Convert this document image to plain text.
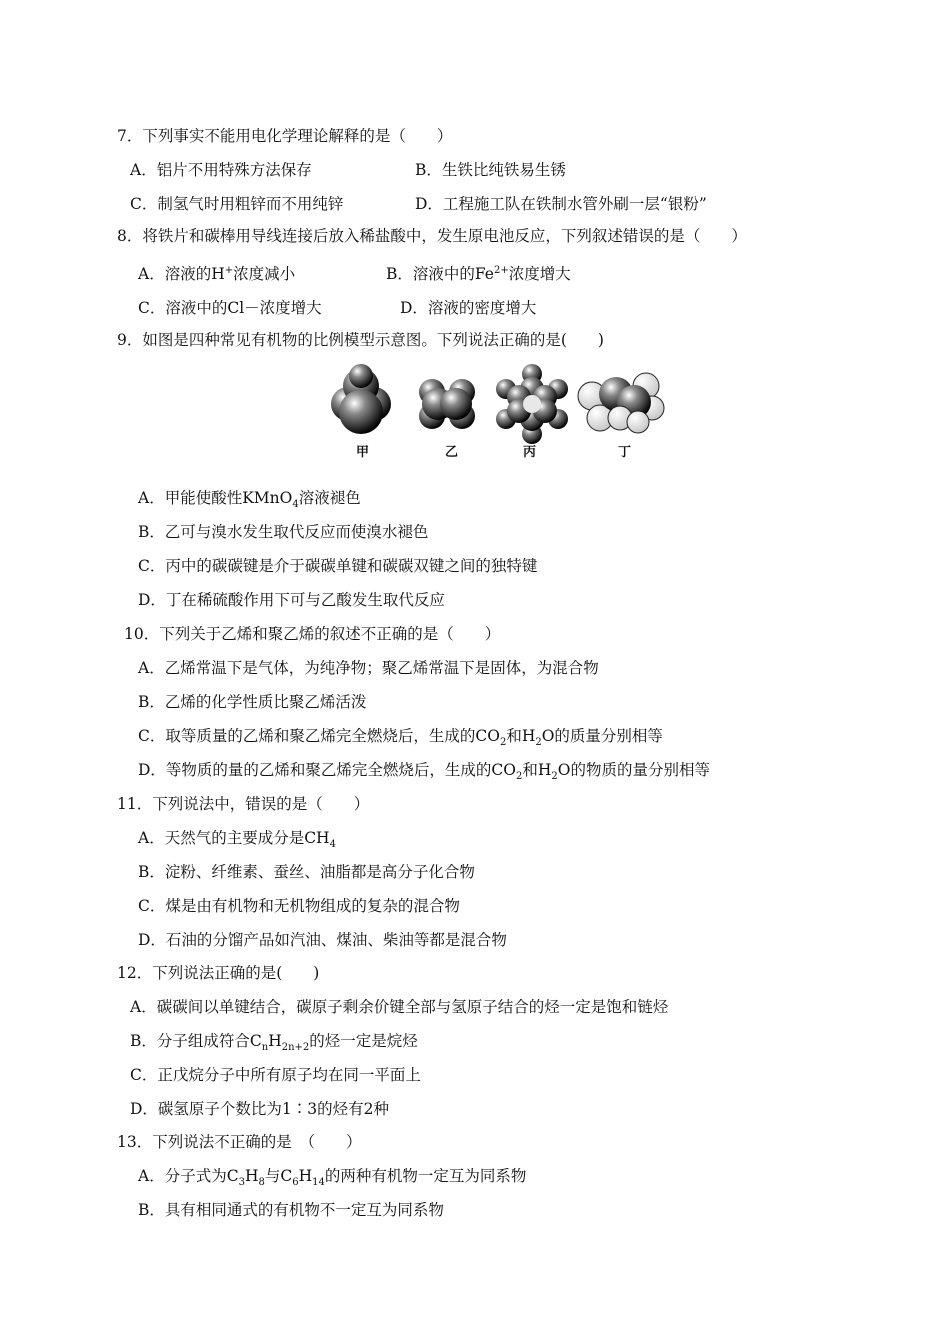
7．下列事实不能用电化学理论解释的是（　　）
A．铝片不用特殊方法保存	B．生铁比纯铁易生锈
C．制氢气时用粗锌而不用纯锌	D．工程施工队在铁制水管外刷一层“银粉”
8．将铁片和碳棒用导线连接后放入稀盐酸中，发生原电池反应，下列叙述错误的是（　　）
A．溶液的H+浓度减小	B．溶液中的$Fe^{2+}$浓度增大
C．溶液中的Cl－浓度增大	D．溶液的密度增大
9．如图是四种常见有机物的比例模型示意图。下列说法正确的是(　　)
甲	乙	丙	丁
A．甲能使酸性KMnO$_4$溶液褪色
B．乙可与溴水发生取代反应而使溴水褪色
C．丙中的碳碳键是介于碳碳单键和碳碳双键之间的独特键
D．丁在稀硫酸作用下可与乙酸发生取代反应
10．下列关于乙烯和聚乙烯的叙述不正确的是（　　）
A．乙烯常温下是气体，为纯净物；聚乙烯常温下是固体，为混合物
B．乙烯的化学性质比聚乙烯活泼
C．取等质量的乙烯和聚乙烯完全燃烧后，生成的$CO_2$和$H_2O$的质量分别相等
D．等物质的量的乙烯和聚乙烯完全燃烧后，生成的$CO_2$和$H_2O$的物质的量分别相等
11．下列说法中，错误的是（　　）
A．天然气的主要成分是$CH_4$
B．淀粉、纤维素、蚕丝、油脂都是高分子化合物
C．煤是由有机物和无机物组成的复杂的混合物
D．石油的分馏产品如汽油、煤油、柴油等都是混合物
12．下列说法正确的是(　　)
A．碳碳间以单键结合，碳原子剩余价键全部与氢原子结合的烃一定是饱和链烃
B．分子组成符合$C_nH_{2n+2}$的烃一定是烷烃
C．正戊烷分子中所有原子均在同一平面上
D．碳氢原子个数比为1∶3的烃有2种
13．下列说法不正确的是　（　　）
A．分子式为$C_3H_8$与$C_6H_{14}$的两种有机物一定互为同系物
B．具有相同通式的有机物不一定互为同系物
